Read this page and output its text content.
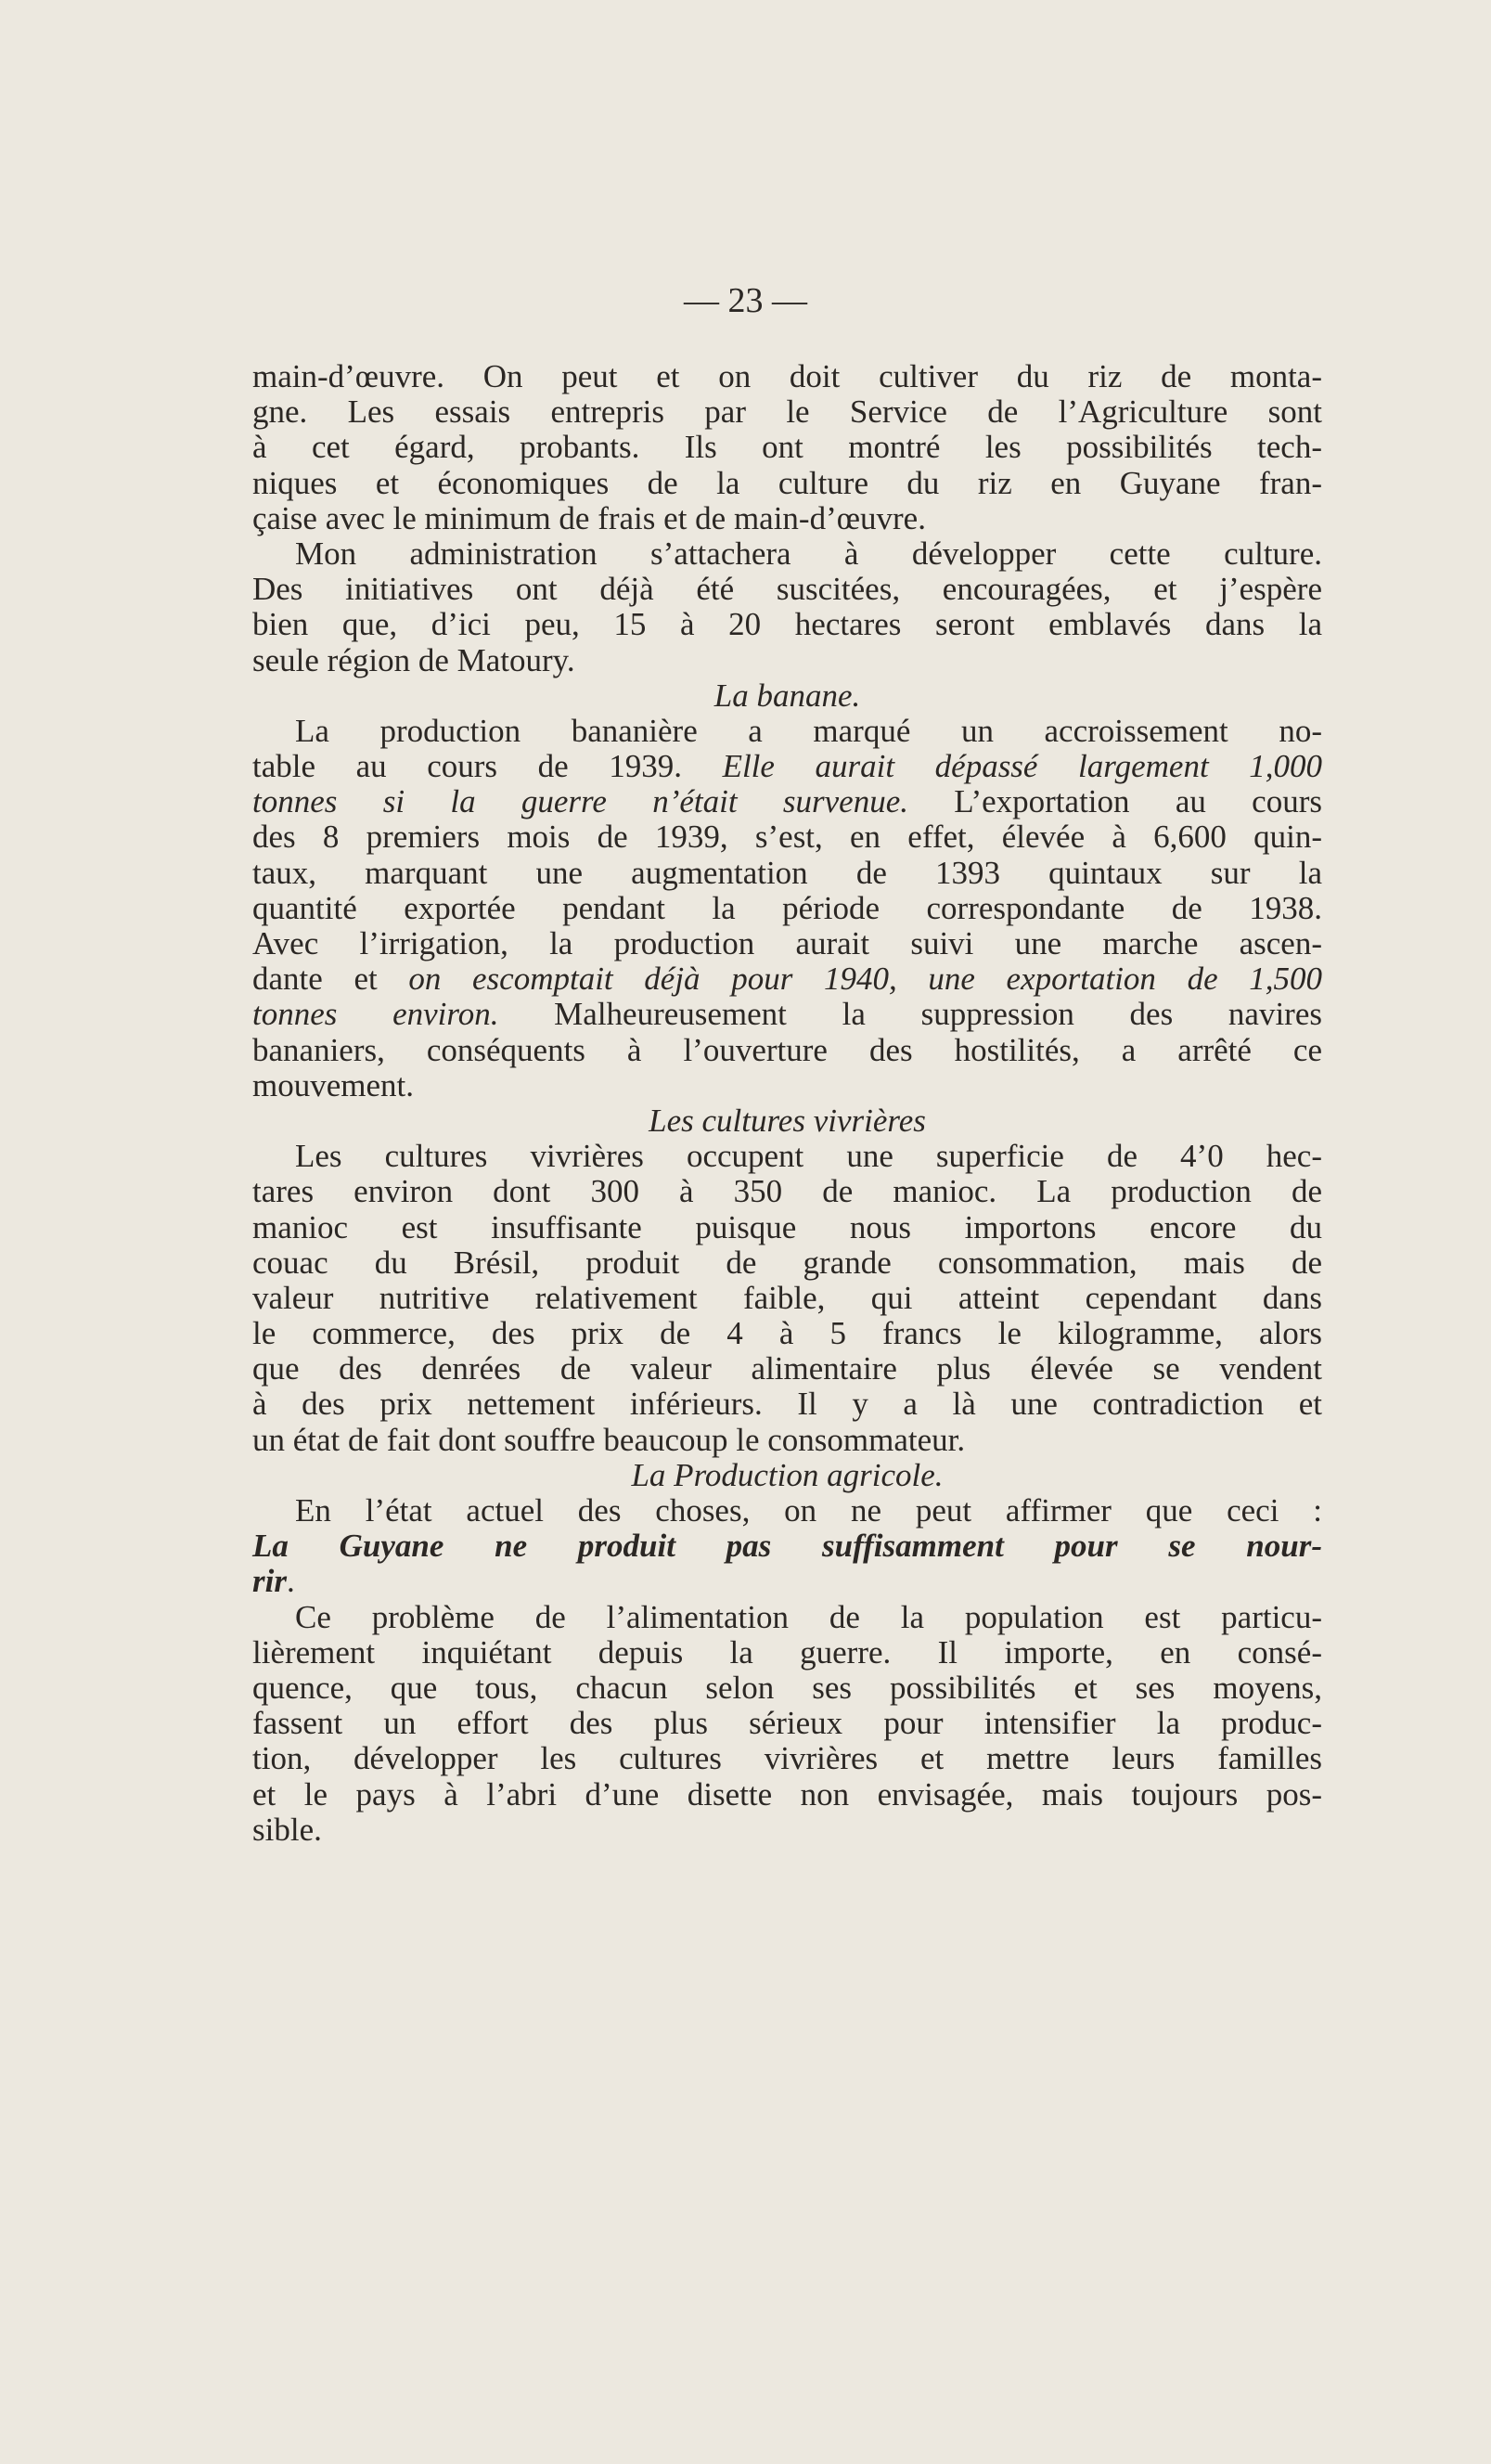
— 23 —
main-d’œuvre. On peut et on doit cultiver du riz de monta-
gne. Les essais entrepris par le Service de l’Agriculture sont
à cet égard, probants. Ils ont montré les possibilités tech-
niques et économiques de la culture du riz en Guyane fran-
çaise avec le minimum de frais et de main-d’œuvre.
Mon administration s’attachera à développer cette culture.
Des initiatives ont déjà été suscitées, encouragées, et j’espère
bien que, d’ici peu, 15 à 20 hectares seront emblavés dans la
seule région de Matoury.
La banane.
La production bananière a marqué un accroissement no-
table au cours de 1939. Elle aurait dépassé largement 1,000
tonnes si la guerre n’était survenue. L’exportation au cours
des 8 premiers mois de 1939, s’est, en effet, élevée à 6,600 quin-
taux, marquant une augmentation de 1393 quintaux sur la
quantité exportée pendant la période correspondante de 1938.
Avec l’irrigation, la production aurait suivi une marche ascen-
dante et on escomptait déjà pour 1940, une exportation de 1,500
tonnes environ. Malheureusement la suppression des navires
bananiers, conséquents à l’ouverture des hostilités, a arrêté ce
mouvement.
Les cultures vivrières
Les cultures vivrières occupent une superficie de 4’0 hec-
tares environ dont 300 à 350 de manioc. La production de
manioc est insuffisante puisque nous importons encore du
couac du Brésil, produit de grande consommation, mais de
valeur nutritive relativement faible, qui atteint cependant dans
le commerce, des prix de 4 à 5 francs le kilogramme, alors
que des denrées de valeur alimentaire plus élevée se vendent
à des prix nettement inférieurs. Il y a là une contradiction et
un état de fait dont souffre beaucoup le consommateur.
La Production agricole.
En l’état actuel des choses, on ne peut affirmer que ceci :
La Guyane ne produit pas suffisamment pour se nour-
rir.
Ce problème de l’alimentation de la population est particu-
lièrement inquiétant depuis la guerre. Il importe, en consé-
quence, que tous, chacun selon ses possibilités et ses moyens,
fassent un effort des plus sérieux pour intensifier la produc-
tion, développer les cultures vivrières et mettre leurs familles
et le pays à l’abri d’une disette non envisagée, mais toujours pos-
sible.
